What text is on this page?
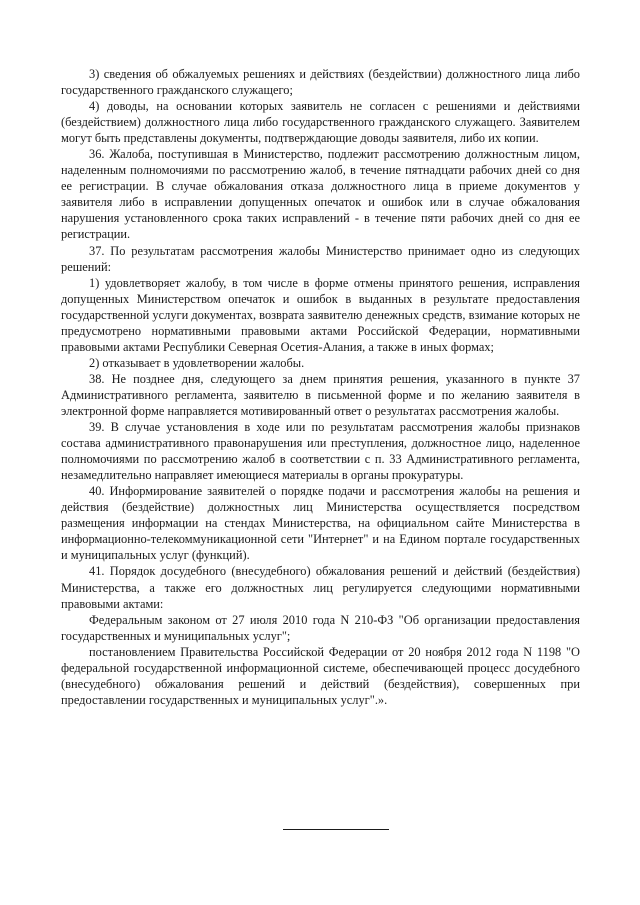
3) сведения об обжалуемых решениях и действиях (бездействии) должностного лица либо государственного гражданского служащего;

4) доводы, на основании которых заявитель не согласен с решениями и действиями (бездействием) должностного лица либо государственного гражданского служащего. Заявителем могут быть представлены документы, подтверждающие доводы заявителя, либо их копии.

36. Жалоба, поступившая в Министерство, подлежит рассмотрению должностным лицом, наделенным полномочиями по рассмотрению жалоб, в течение пятнадцати рабочих дней со дня ее регистрации. В случае обжалования отказа должностного лица в приеме документов у заявителя либо в исправлении допущенных опечаток и ошибок или в случае обжалования нарушения установленного срока таких исправлений - в течение пяти рабочих дней со дня ее регистрации.

37. По результатам рассмотрения жалобы Министерство принимает одно из следующих решений:

1) удовлетворяет жалобу, в том числе в форме отмены принятого решения, исправления допущенных Министерством опечаток и ошибок в выданных в результате предоставления государственной услуги документах, возврата заявителю денежных средств, взимание которых не предусмотрено нормативными правовыми актами Российской Федерации, нормативными правовыми актами Республики Северная Осетия-Алания, а также в иных формах;

2) отказывает в удовлетворении жалобы.

38. Не позднее дня, следующего за днем принятия решения, указанного в пункте 37 Административного регламента, заявителю в письменной форме и по желанию заявителя в электронной форме направляется мотивированный ответ о результатах рассмотрения жалобы.

39. В случае установления в ходе или по результатам рассмотрения жалобы признаков состава административного правонарушения или преступления, должностное лицо, наделенное полномочиями по рассмотрению жалоб в соответствии с п. 33 Административного регламента, незамедлительно направляет имеющиеся материалы в органы прокуратуры.

40. Информирование заявителей о порядке подачи и рассмотрения жалобы на решения и действия (бездействие) должностных лиц Министерства осуществляется посредством размещения информации на стендах Министерства, на официальном сайте Министерства в информационно-телекоммуникационной сети "Интернет" и на Едином портале государственных и муниципальных услуг (функций).

41. Порядок досудебного (внесудебного) обжалования решений и действий (бездействия) Министерства, а также его должностных лиц регулируется следующими нормативными правовыми актами:

Федеральным законом от 27 июля 2010 года N 210-ФЗ "Об организации предоставления государственных и муниципальных услуг";

постановлением Правительства Российской Федерации от 20 ноября 2012 года N 1198 "О федеральной государственной информационной системе, обеспечивающей процесс досудебного (внесудебного) обжалования решений и действий (бездействия), совершенных при предоставлении государственных и муниципальных услуг".».
